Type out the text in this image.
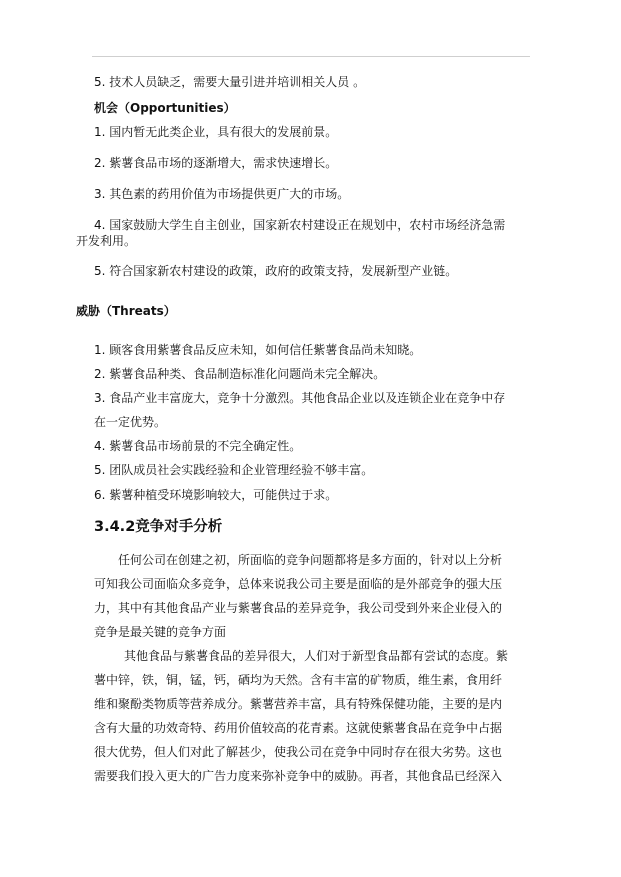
5. 技术人员缺乏，需要大量引进并培训相关人员 。
机会（Opportunities）
1. 国内暂无此类企业，具有很大的发展前景。
2. 紫薯食品市场的逐渐增大，需求快速增长。
3. 其色素的药用价值为市场提供更广大的市场。
4. 国家鼓励大学生自主创业，国家新农村建设正在规划中，农村市场经济急需
开发利用。
5. 符合国家新农村建设的政策，政府的政策支持，发展新型产业链。
威胁（Threats）
1. 顾客食用紫薯食品反应未知，如何信任紫薯食品尚未知晓。
2. 紫薯食品种类、食品制造标准化问题尚未完全解决。
3. 食品产业丰富庞大，竞争十分激烈。其他食品企业以及连锁企业在竞争中存
在一定优势。
4. 紫薯食品市场前景的不完全确定性。
5. 团队成员社会实践经验和企业管理经验不够丰富。
6. 紫薯种植受环境影响较大，可能供过于求。
3.4.2竞争对手分析
任何公司在创建之初，所面临的竞争问题都将是多方面的，针对以上分析
可知我公司面临众多竞争，总体来说我公司主要是面临的是外部竞争的强大压
力，其中有其他食品产业与紫薯食品的差异竞争，我公司受到外来企业侵入的
竞争是最关键的竞争方面
其他食品与紫薯食品的差异很大，人们对于新型食品都有尝试的态度。紫
薯中锌，铁，铜，锰，钙，硒均为天然。含有丰富的矿物质，维生素，食用纤
维和聚酚类物质等营养成分。紫薯营养丰富，具有特殊保健功能，主要的是内
含有大量的功效奇特、药用价值较高的花青素。这就使紫薯食品在竞争中占据
很大优势，但人们对此了解甚少，使我公司在竞争中同时存在很大劣势。这也
需要我们投入更大的广告力度来弥补竞争中的威胁。再者，其他食品已经深入
